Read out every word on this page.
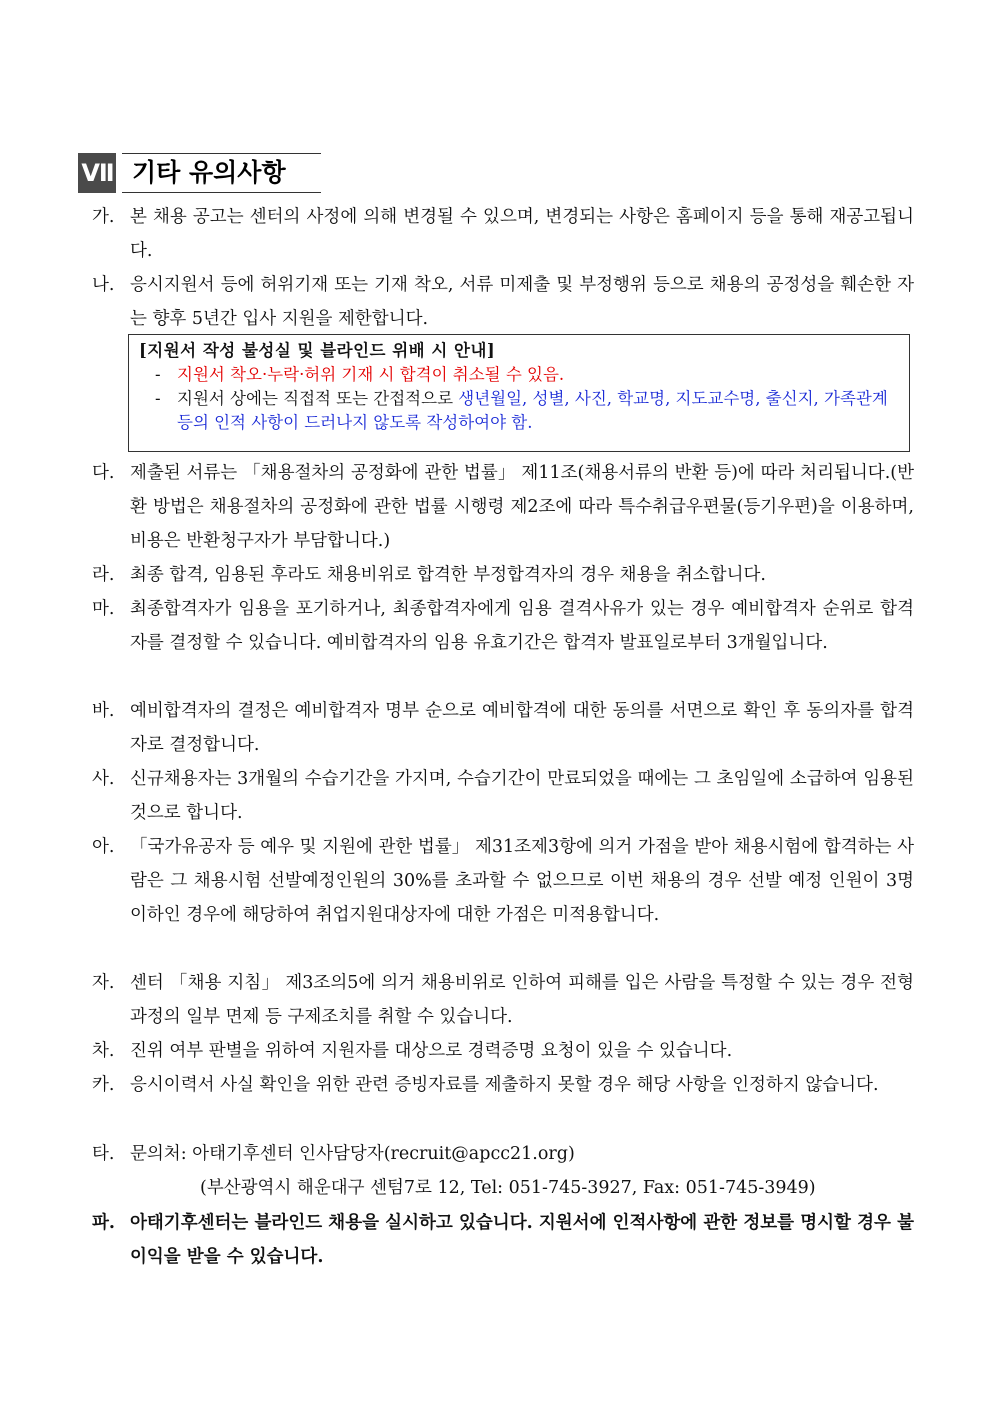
Ⅶ 기타 유의사항
가. 본 채용 공고는 센터의 사정에 의해 변경될 수 있으며, 변경되는 사항은 홈페이지 등을 통해 재공고됩니다.
나. 응시지원서 등에 허위기재 또는 기재 착오, 서류 미제출 및 부정행위 등으로 채용의 공정성을 훼손한 자는 향후 5년간 입사 지원을 제한합니다.
[지원서 작성 불성실 및 블라인드 위배 시 안내]
- 지원서 착오·누락·허위 기재 시 합격이 취소될 수 있음.
- 지원서 상에는 직접적 또는 간접적으로 생년월일, 성별, 사진, 학교명, 지도교수명, 출신지, 가족관계 등의 인적 사항이 드러나지 않도록 작성하여야 함.
다. 제출된 서류는 「채용절차의 공정화에 관한 법률」 제11조(채용서류의 반환 등)에 따라 처리됩니다.(반환 방법은 채용절차의 공정화에 관한 법률 시행령 제2조에 따라 특수취급우편물(등기우편)을 이용하며, 비용은 반환청구자가 부담합니다.)
라. 최종 합격, 임용된 후라도 채용비위로 합격한 부정합격자의 경우 채용을 취소합니다.
마. 최종합격자가 임용을 포기하거나, 최종합격자에게 임용 결격사유가 있는 경우 예비합격자 순위로 합격자를 결정할 수 있습니다. 예비합격자의 임용 유효기간은 합격자 발표일로부터 3개월입니다.
바. 예비합격자의 결정은 예비합격자 명부 순으로 예비합격에 대한 동의를 서면으로 확인 후 동의자를 합격자로 결정합니다.
사. 신규채용자는 3개월의 수습기간을 가지며, 수습기간이 만료되었을 때에는 그 초임일에 소급하여 임용된 것으로 합니다.
아. 「국가유공자 등 예우 및 지원에 관한 법률」 제31조제3항에 의거 가점을 받아 채용시험에 합격하는 사람은 그 채용시험 선발예정인원의 30%를 초과할 수 없으므로 이번 채용의 경우 선발 예정 인원이 3명 이하인 경우에 해당하여 취업지원대상자에 대한 가점은 미적용합니다.
자. 센터 「채용 지침」 제3조의5에 의거 채용비위로 인하여 피해를 입은 사람을 특정할 수 있는 경우 전형 과정의 일부 면제 등 구제조치를 취할 수 있습니다.
차. 진위 여부 판별을 위하여 지원자를 대상으로 경력증명 요청이 있을 수 있습니다.
카. 응시이력서 사실 확인을 위한 관련 증빙자료를 제출하지 못할 경우 해당 사항을 인정하지 않습니다.
타. 문의처: 아태기후센터 인사담당자(recruit@apcc21.org)
(부산광역시 해운대구 센텀7로 12, Tel: 051-745-3927, Fax: 051-745-3949)
파. 아태기후센터는 블라인드 채용을 실시하고 있습니다. 지원서에 인적사항에 관한 정보를 명시할 경우 불이익을 받을 수 있습니다.
